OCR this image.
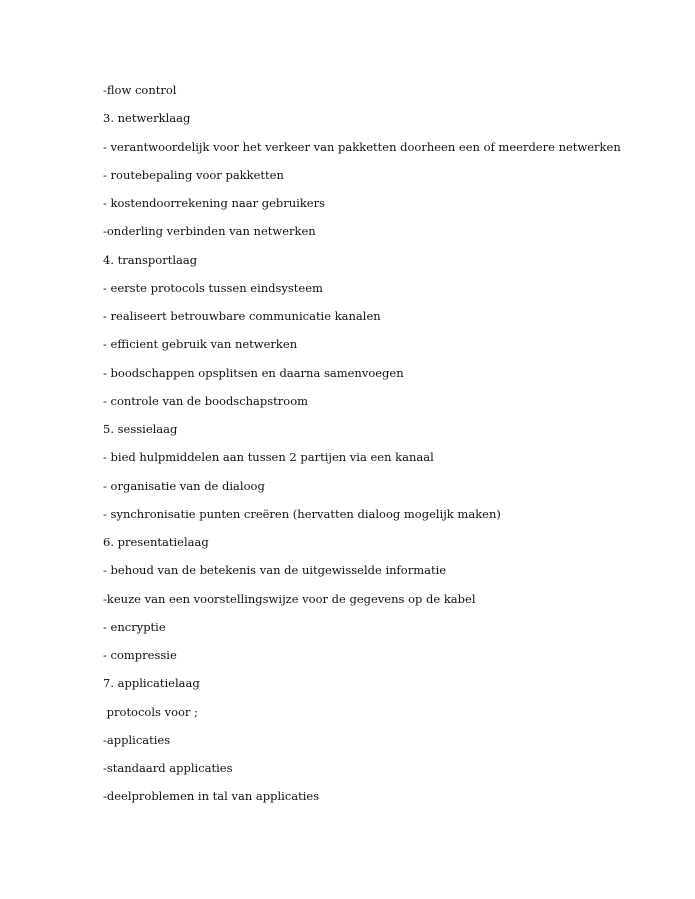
-flow control
3. netwerklaag
- verantwoordelijk voor het verkeer van pakketten doorheen een of meerdere netwerken
- routebepaling voor pakketten
- kostendoorrekening naar gebruikers
-onderling verbinden van netwerken
4. transportlaag
- eerste protocols tussen eindsysteem
- realiseert betrouwbare communicatie kanalen
- efficient gebruik van netwerken
- boodschappen opsplitsen en daarna samenvoegen
- controle van de boodschapstroom
5. sessielaag
- bied hulpmiddelen aan tussen 2 partijen via een kanaal
- organisatie van de dialoog
- synchronisatie punten creëren (hervatten dialoog mogelijk maken)
6. presentatielaag
- behoud van de betekenis van de uitgewisselde informatie
-keuze van een voorstellingswijze voor de gegevens op de kabel
- encryptie
- compressie
7. applicatielaag
protocols voor ;
-applicaties
-standaard applicaties
-deelproblemen in tal van applicaties
